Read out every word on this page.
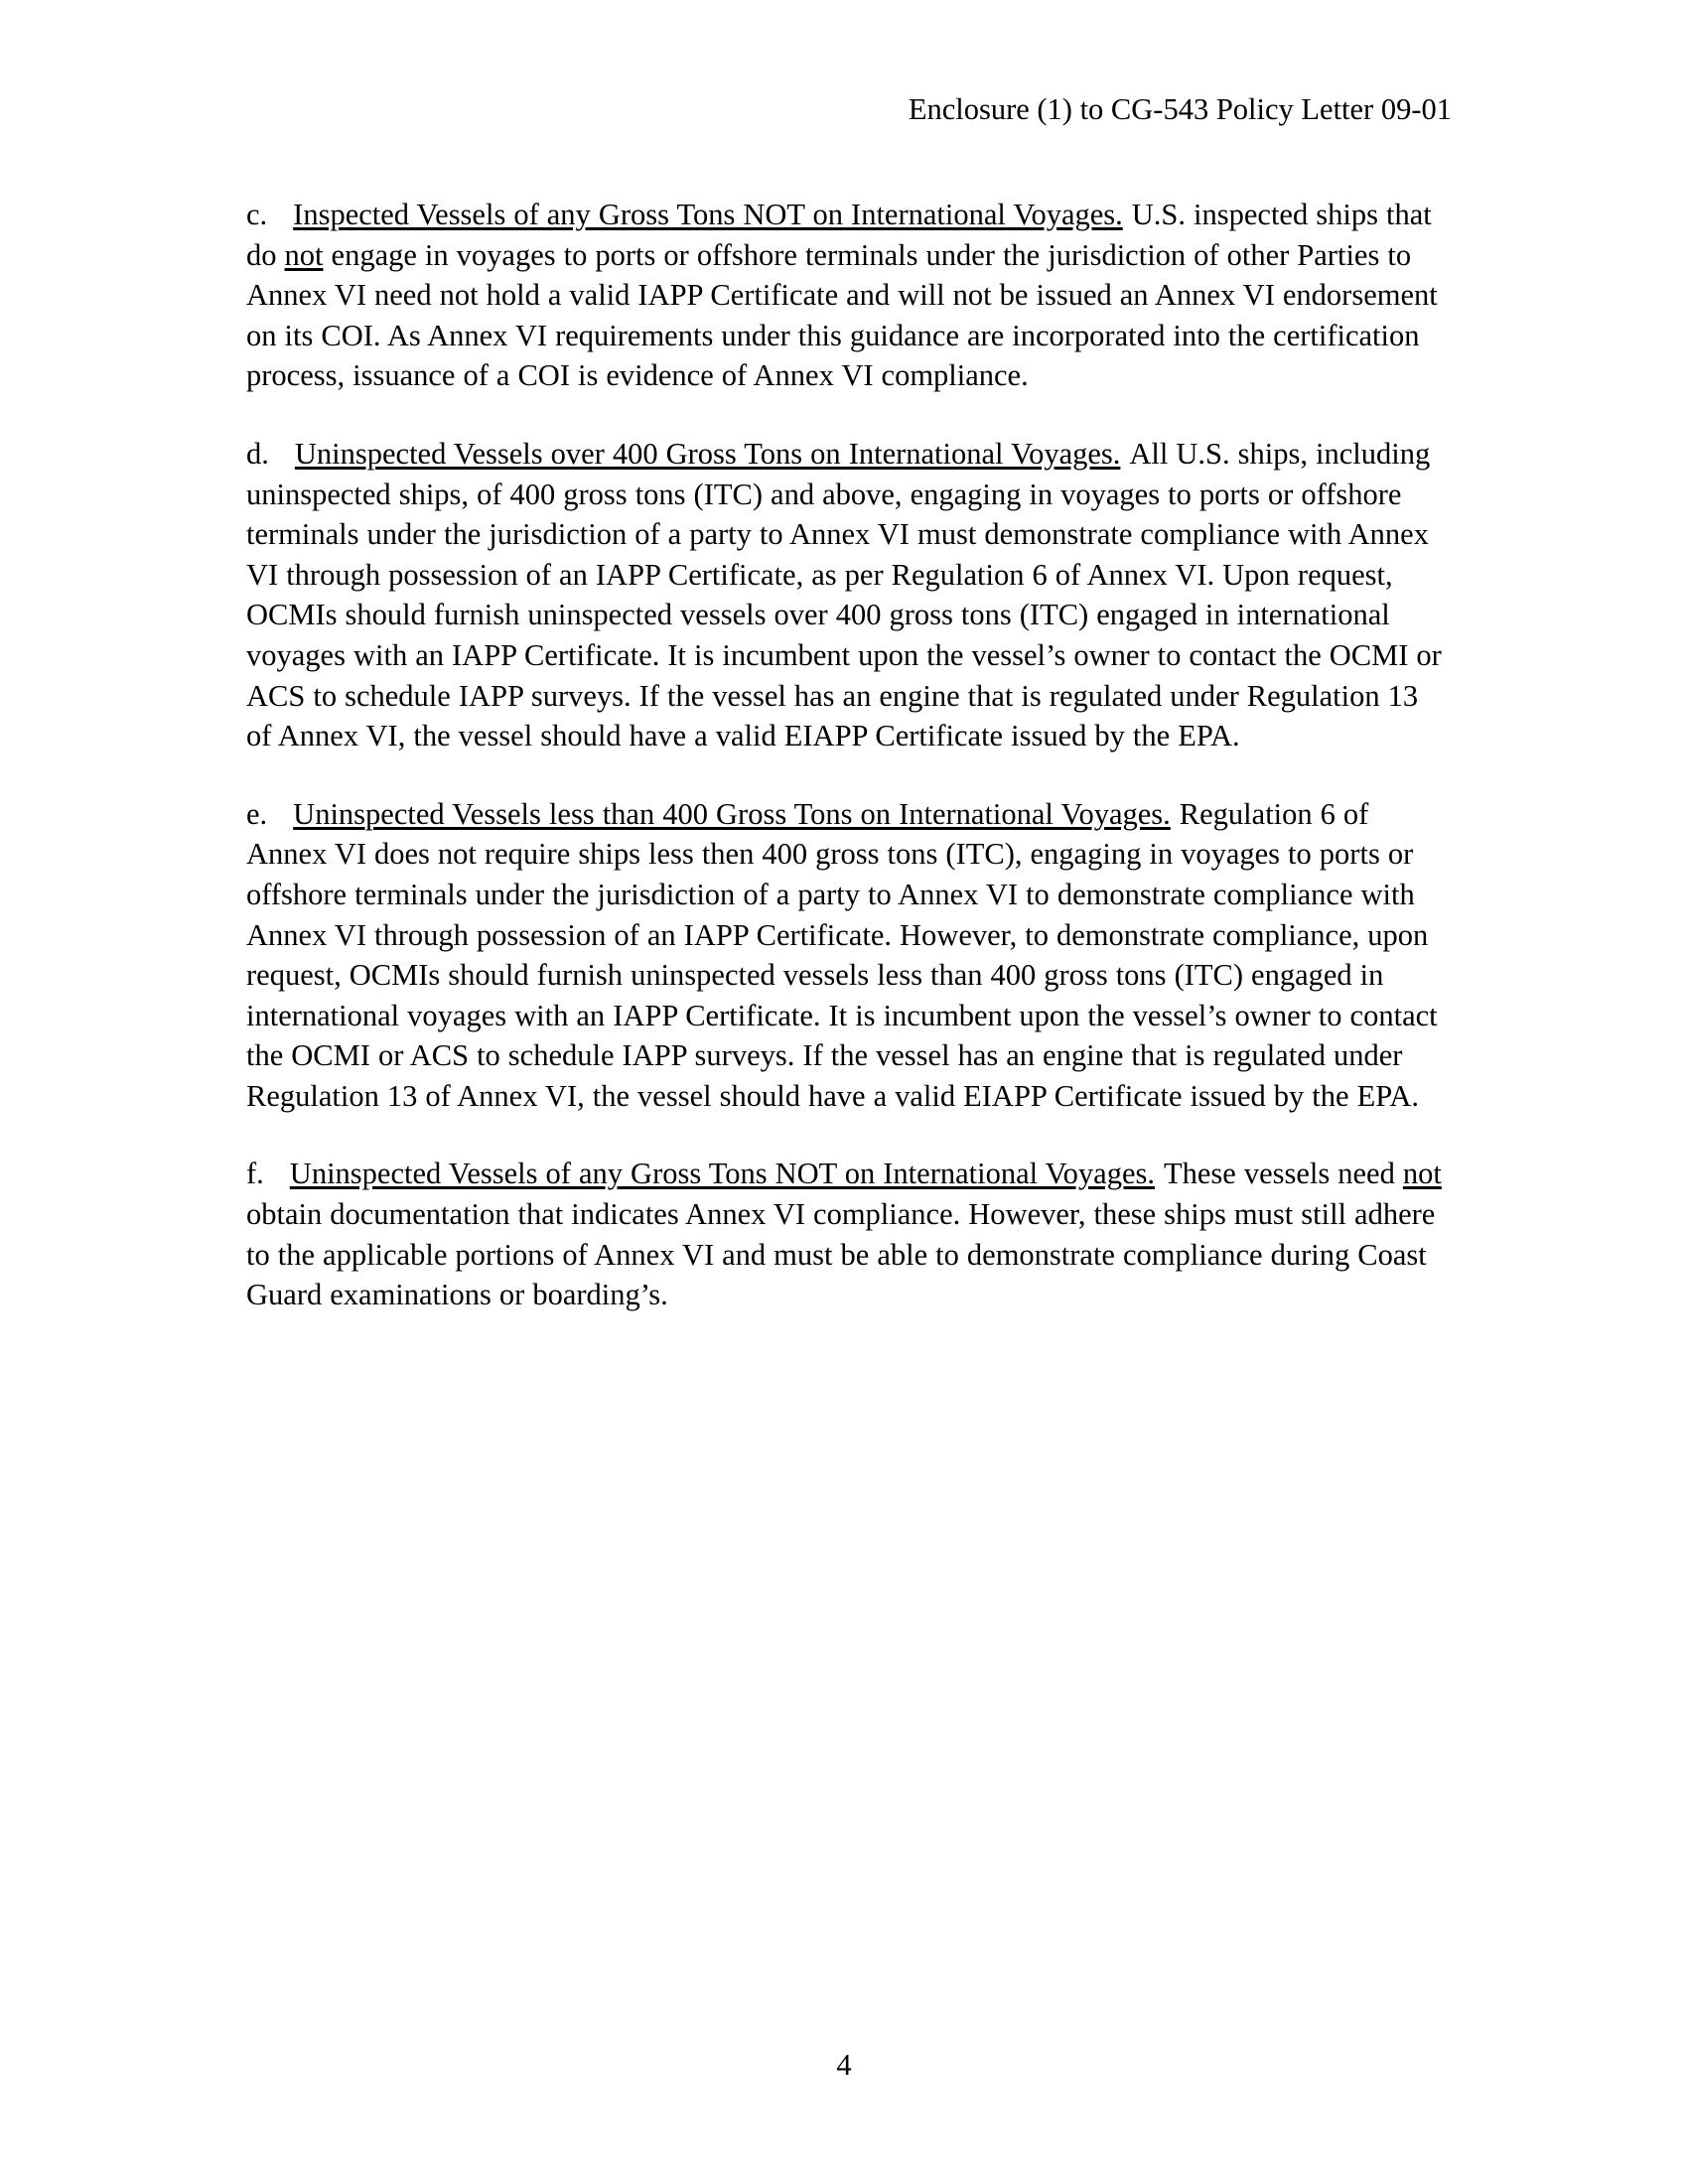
Enclosure (1) to CG-543 Policy Letter 09-01

c. Inspected Vessels of any Gross Tons NOT on International Voyages. U.S. inspected ships that do not engage in voyages to ports or offshore terminals under the jurisdiction of other Parties to Annex VI need not hold a valid IAPP Certificate and will not be issued an Annex VI endorsement on its COI. As Annex VI requirements under this guidance are incorporated into the certification process, issuance of a COI is evidence of Annex VI compliance.

d. Uninspected Vessels over 400 Gross Tons on International Voyages. All U.S. ships, including uninspected ships, of 400 gross tons (ITC) and above, engaging in voyages to ports or offshore terminals under the jurisdiction of a party to Annex VI must demonstrate compliance with Annex VI through possession of an IAPP Certificate, as per Regulation 6 of Annex VI. Upon request, OCMIs should furnish uninspected vessels over 400 gross tons (ITC) engaged in international voyages with an IAPP Certificate. It is incumbent upon the vessel’s owner to contact the OCMI or ACS to schedule IAPP surveys. If the vessel has an engine that is regulated under Regulation 13 of Annex VI, the vessel should have a valid EIAPP Certificate issued by the EPA.

e. Uninspected Vessels less than 400 Gross Tons on International Voyages. Regulation 6 of Annex VI does not require ships less then 400 gross tons (ITC), engaging in voyages to ports or offshore terminals under the jurisdiction of a party to Annex VI to demonstrate compliance with Annex VI through possession of an IAPP Certificate. However, to demonstrate compliance, upon request, OCMIs should furnish uninspected vessels less than 400 gross tons (ITC) engaged in international voyages with an IAPP Certificate. It is incumbent upon the vessel’s owner to contact the OCMI or ACS to schedule IAPP surveys. If the vessel has an engine that is regulated under Regulation 13 of Annex VI, the vessel should have a valid EIAPP Certificate issued by the EPA.

f. Uninspected Vessels of any Gross Tons NOT on International Voyages. These vessels need not obtain documentation that indicates Annex VI compliance. However, these ships must still adhere to the applicable portions of Annex VI and must be able to demonstrate compliance during Coast Guard examinations or boarding’s.

4
